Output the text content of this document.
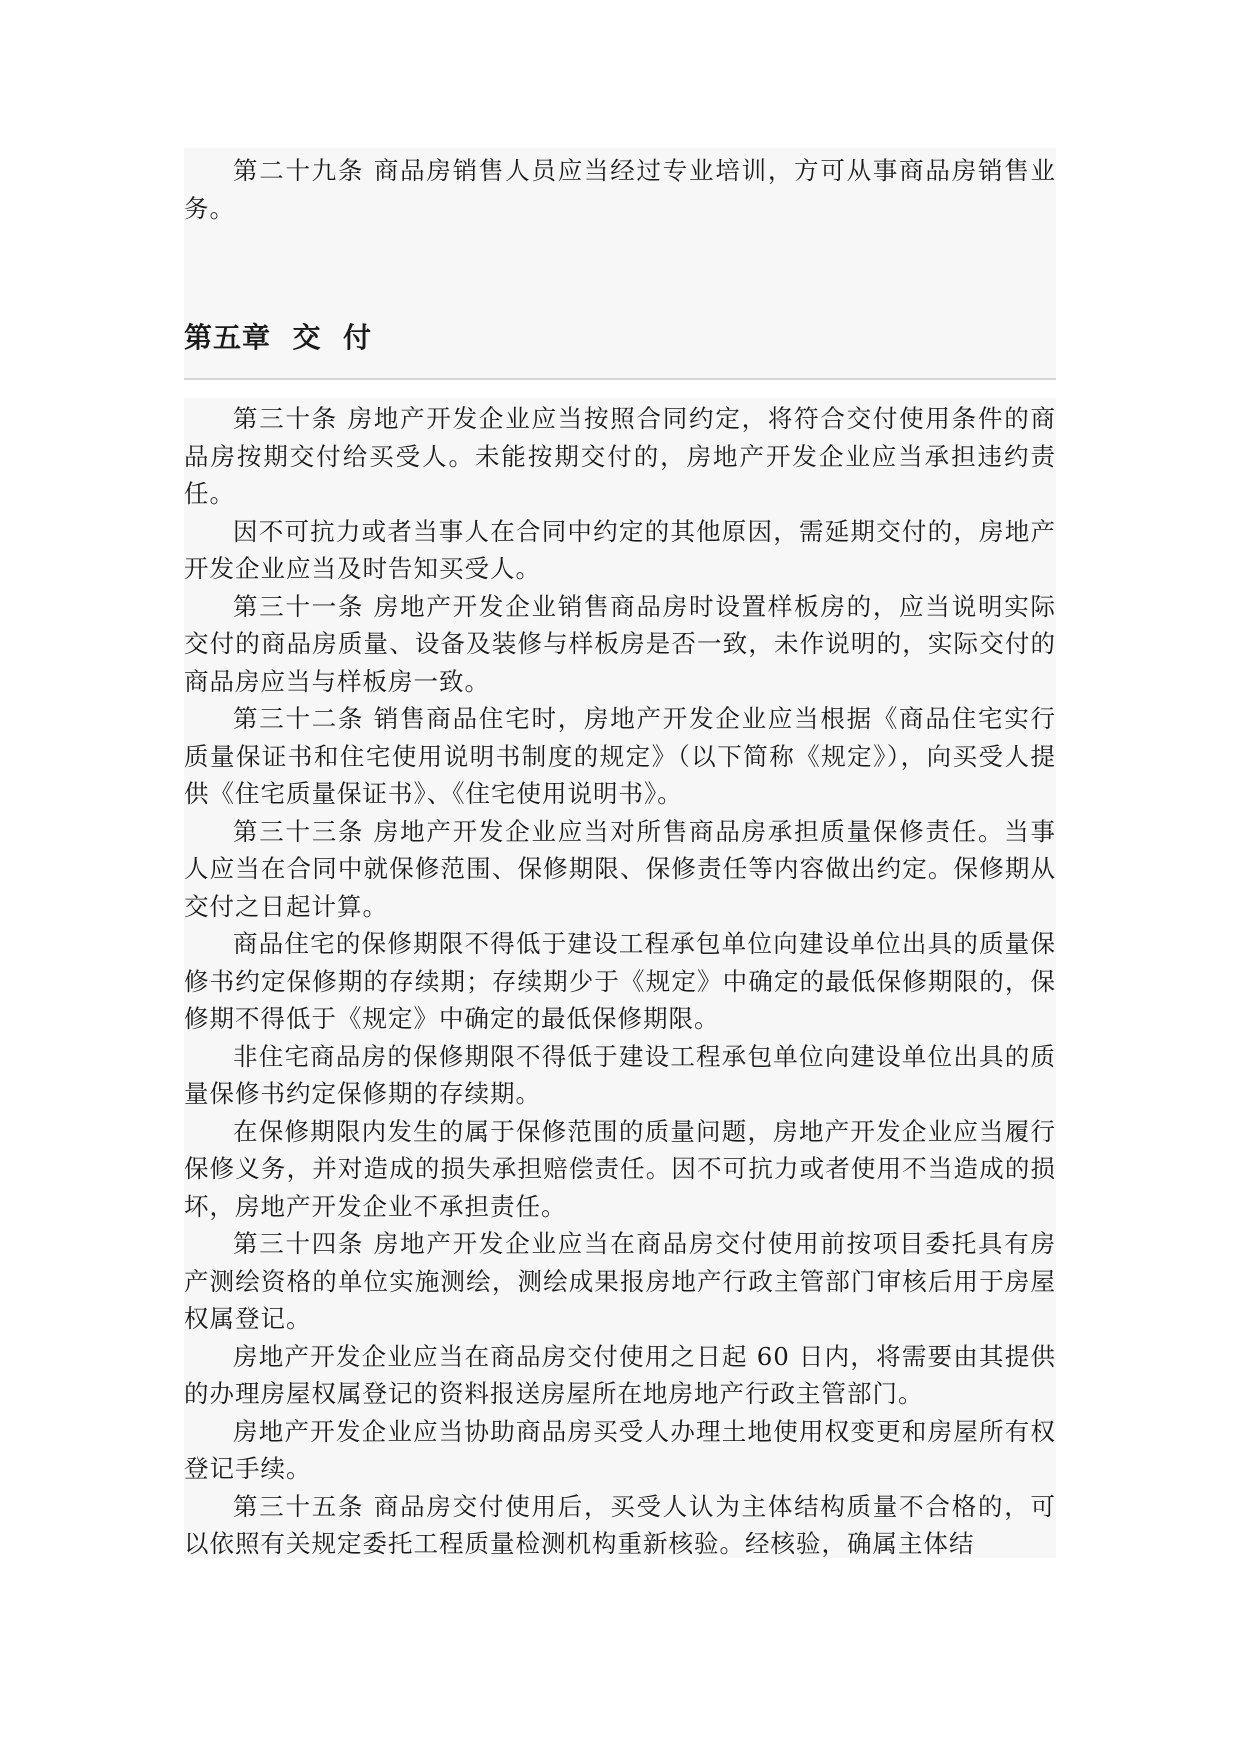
第二十九条 商品房销售人员应当经过专业培训，方可从事商品房销售业务。

第五章  交  付

第三十条 房地产开发企业应当按照合同约定，将符合交付使用条件的商品房按期交付给买受人。未能按期交付的，房地产开发企业应当承担违约责任。

因不可抗力或者当事人在合同中约定的其他原因，需延期交付的，房地产开发企业应当及时告知买受人。

第三十一条 房地产开发企业销售商品房时设置样板房的，应当说明实际交付的商品房质量、设备及装修与样板房是否一致，未作说明的，实际交付的商品房应当与样板房一致。

第三十二条 销售商品住宅时，房地产开发企业应当根据《商品住宅实行质量保证书和住宅使用说明书制度的规定》（以下简称《规定》），向买受人提供《住宅质量保证书》、《住宅使用说明书》。

第三十三条 房地产开发企业应当对所售商品房承担质量保修责任。当事人应当在合同中就保修范围、保修期限、保修责任等内容做出约定。保修期从交付之日起计算。

商品住宅的保修期限不得低于建设工程承包单位向建设单位出具的质量保修书约定保修期的存续期；存续期少于《规定》中确定的最低保修期限的，保修期不得低于《规定》中确定的最低保修期限。

非住宅商品房的保修期限不得低于建设工程承包单位向建设单位出具的质量保修书约定保修期的存续期。

在保修期限内发生的属于保修范围的质量问题，房地产开发企业应当履行保修义务，并对造成的损失承担赔偿责任。因不可抗力或者使用不当造成的损坏，房地产开发企业不承担责任。

第三十四条 房地产开发企业应当在商品房交付使用前按项目委托具有房产测绘资格的单位实施测绘，测绘成果报房地产行政主管部门审核后用于房屋权属登记。

房地产开发企业应当在商品房交付使用之日起 60 日内，将需要由其提供的办理房屋权属登记的资料报送房屋所在地房地产行政主管部门。

房地产开发企业应当协助商品房买受人办理土地使用权变更和房屋所有权登记手续。

第三十五条 商品房交付使用后，买受人认为主体结构质量不合格的，可以依照有关规定委托工程质量检测机构重新核验。经核验，确属主体结
